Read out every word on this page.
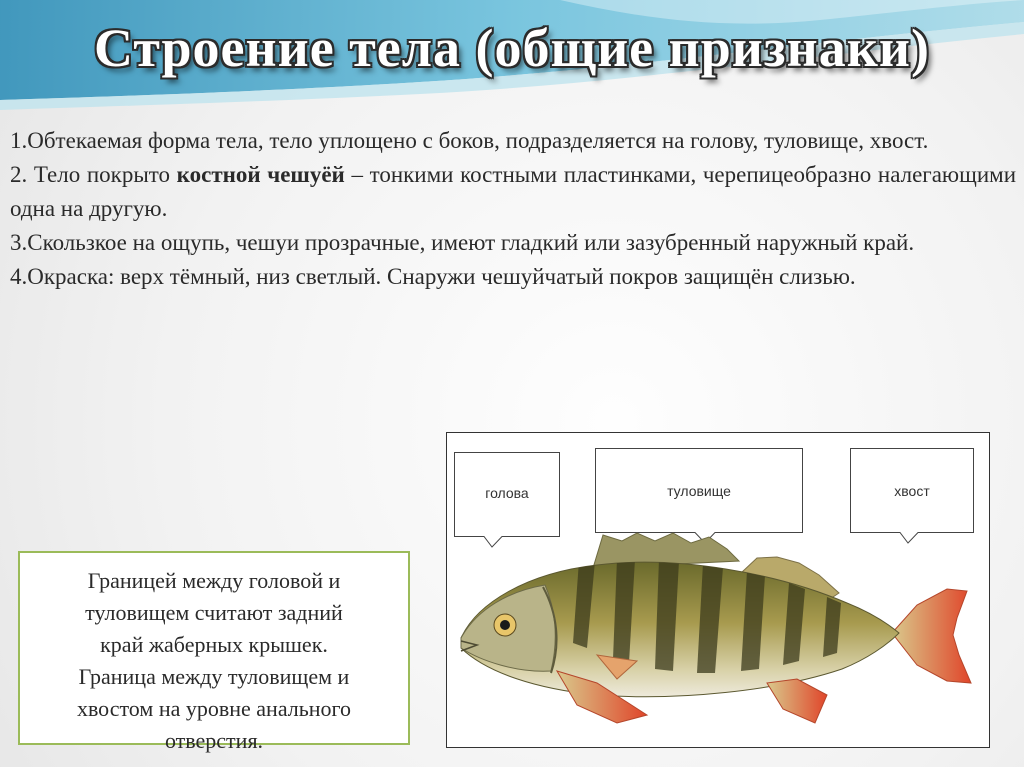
Строение тела (общие признаки)

1.Обтекаемая форма тела, тело уплощено с боков, подразделяется на голову, туловище, хвост.

2. Тело покрыто костной чешуёй – тонкими костными пластинками, черепицеобразно налегающими одна на другую.

3.Скользкое на ощупь, чешуи прозрачные, имеют гладкий или зазубренный наружный край.

4.Окраска: верх тёмный, низ светлый. Снаружи чешуйчатый покров защищён слизью.

Границей между головой и
туловищем считают задний
край жаберных крышек.
Граница между туловищем и
хвостом на уровне анального
отверстия.
голова	туловище	хвост
